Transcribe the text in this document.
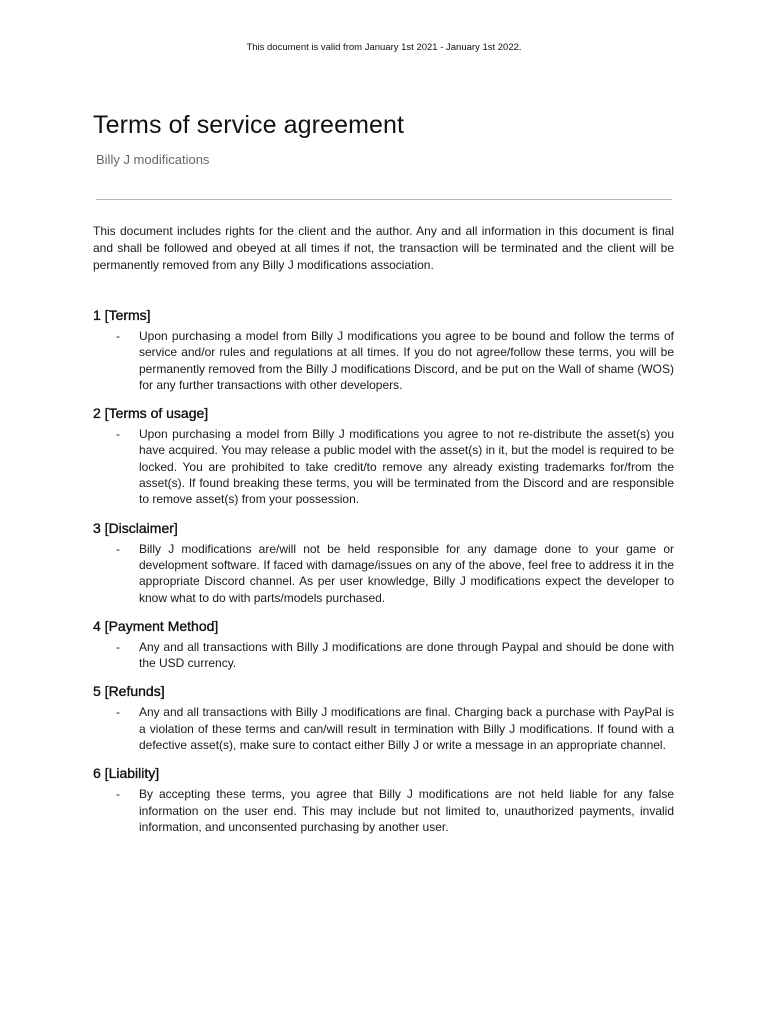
This document is valid from January 1st 2021 - January 1st 2022.
Terms of service agreement

Billy J modifications

This document includes rights for the client and the author. Any and all information in this document is final and shall be followed and obeyed at all times if not, the transaction will be terminated and the client will be permanently removed from any Billy J modifications association.

1 [Terms]
-	Upon purchasing a model from Billy J modifications you agree to be bound and follow the terms of service and/or rules and regulations at all times. If you do not agree/follow these terms, you will be permanently removed from the Billy J modifications Discord, and be put on the Wall of shame (WOS) for any further transactions with other developers.

2 [Terms of usage]
-	Upon purchasing a model from Billy J modifications you agree to not re-distribute the asset(s) you have acquired. You may release a public model with the asset(s) in it, but the model is required to be locked. You are prohibited to take credit/to remove any already existing trademarks for/from the asset(s). If found breaking these terms, you will be terminated from the Discord and are responsible to remove asset(s) from your possession.

3 [Disclaimer]
-	Billy J modifications are/will not be held responsible for any damage done to your game or development software. If faced with damage/issues on any of the above, feel free to address it in the appropriate Discord channel. As per user knowledge, Billy J modifications expect the developer to know what to do with parts/models purchased.

4 [Payment Method]
-	Any and all transactions with Billy J modifications are done through Paypal and should be done with the USD currency.

5 [Refunds]
-	Any and all transactions with Billy J modifications are final. Charging back a purchase with PayPal is a violation of these terms and can/will result in termination with Billy J modifications. If found with a defective asset(s), make sure to contact either Billy J or write a message in an appropriate channel.

6 [Liability]
-	By accepting these terms, you agree that Billy J modifications are not held liable for any false information on the user end. This may include but not limited to, unauthorized payments, invalid information, and unconsented purchasing by another user.
